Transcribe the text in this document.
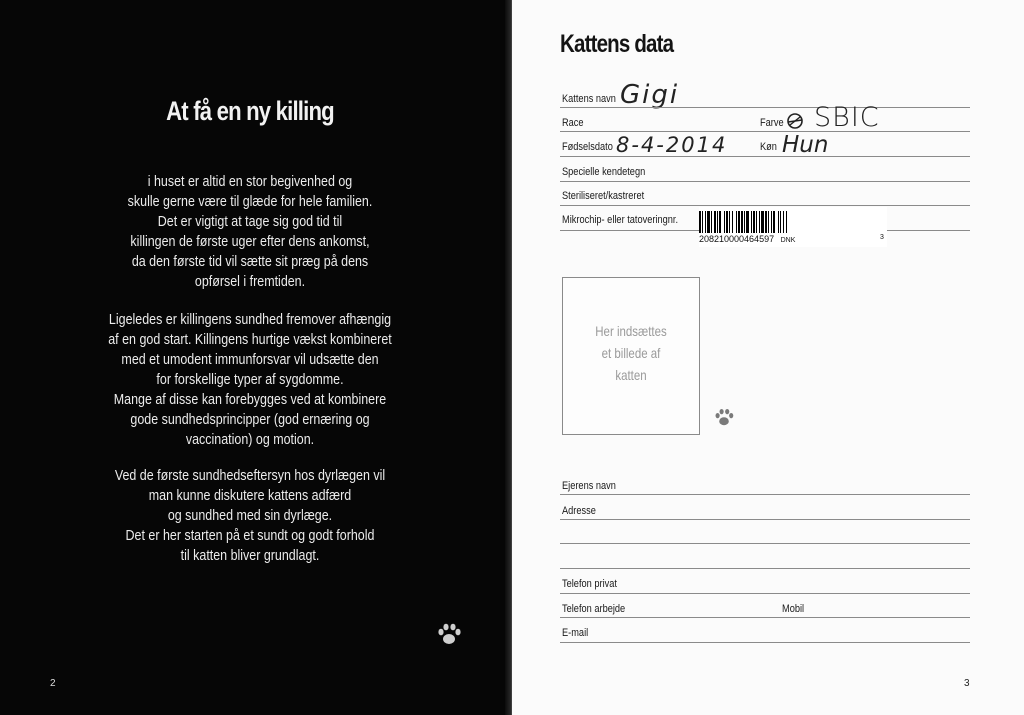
At få en ny killing
i huset er altid en stor begivenhed og
skulle gerne være til glæde for hele familien.
Det er vigtigt at tage sig god tid til
killingen de første uger efter dens ankomst,
da den første tid vil sætte sit præg på dens
opførsel i fremtiden.
Ligeledes er killingens sundhed fremover afhængig
af en god start. Killingens hurtige vækst kombineret
med et umodent immunforsvar vil udsætte den
for forskellige typer af sygdomme.
Mange af disse kan forebygges ved at kombinere
gode sundhedsprincipper (god ernæring og
vaccination) og motion.
Ved de første sundhedseftersyn hos dyrlægen vil
man kunne diskutere kattens adfærd
og sundhed med sin dyrlæge.
Det er her starten på et sundt og godt forhold
til katten bliver grundlagt.
2
Kattens data
Kattens navn Gigi
Race	Farve SBIC
Fødselsdato 8-4-2014	Køn Hun
Specielle kendetegn
Steriliseret/kastreret
Mikrochip- eller tatoveringnr.
208210000464597 DNK	3
Her indsættes
et billede af
katten
Ejerens navn
Adresse
Telefon privat
Telefon arbejde	Mobil
E-mail
3
